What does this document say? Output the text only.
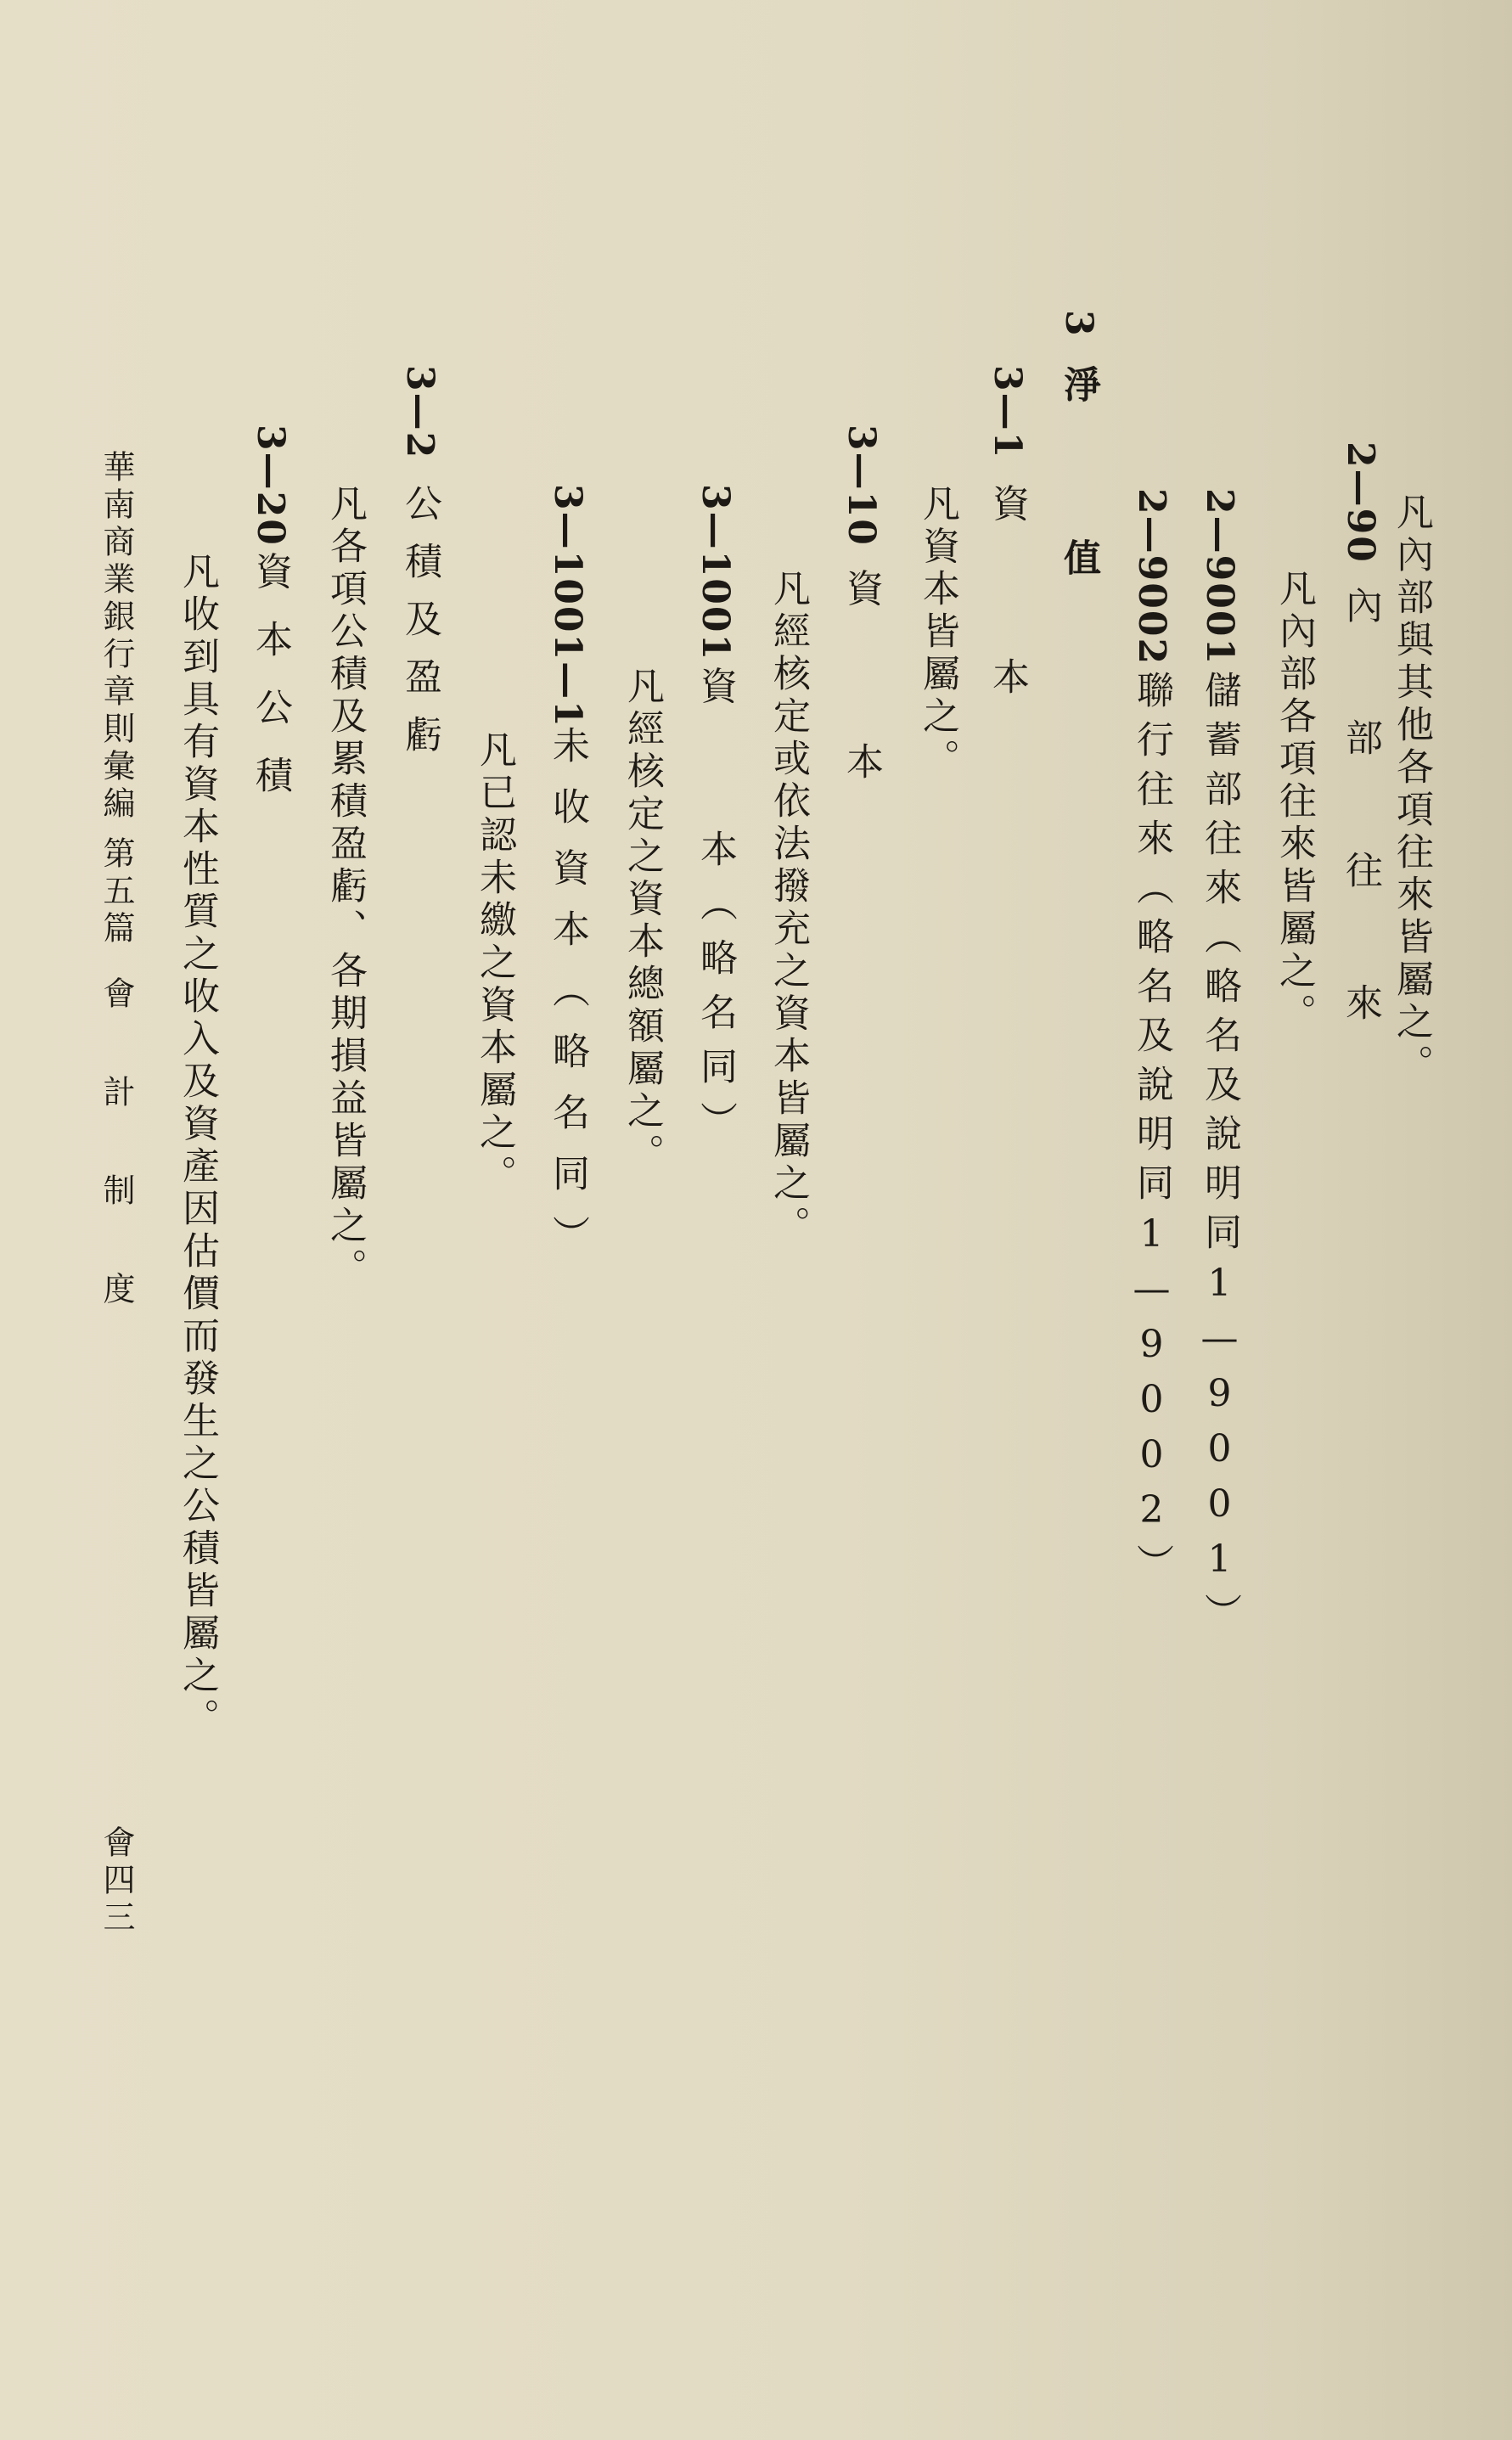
凡內部與其他各項往來皆屬之。
2—90
內　部　往　來
凡內部各項往來皆屬之。
2—9001
儲蓄部往來（略名及說明同1—9001）
2—9002
聯行往來（略名及說明同1—9002）
3
淨　　值
3—1
資　　本
凡資本皆屬之。
3—10
資　　本
凡經核定或依法撥充之資本皆屬之。
3—1001
資　　本（略名同）
凡經核定之資本總額屬之。
3—1001—1
未收資本（略名同）
凡已認未繳之資本屬之。
3—2
公積及盈虧
凡各項公積及累積盈虧、各期損益皆屬之。
3—20
資本公積
凡收到具有資本性質之收入及資產因估價而發生之公積皆屬之。
華南商業銀行章則彙編
第五篇
會　計　制　度
會四三
